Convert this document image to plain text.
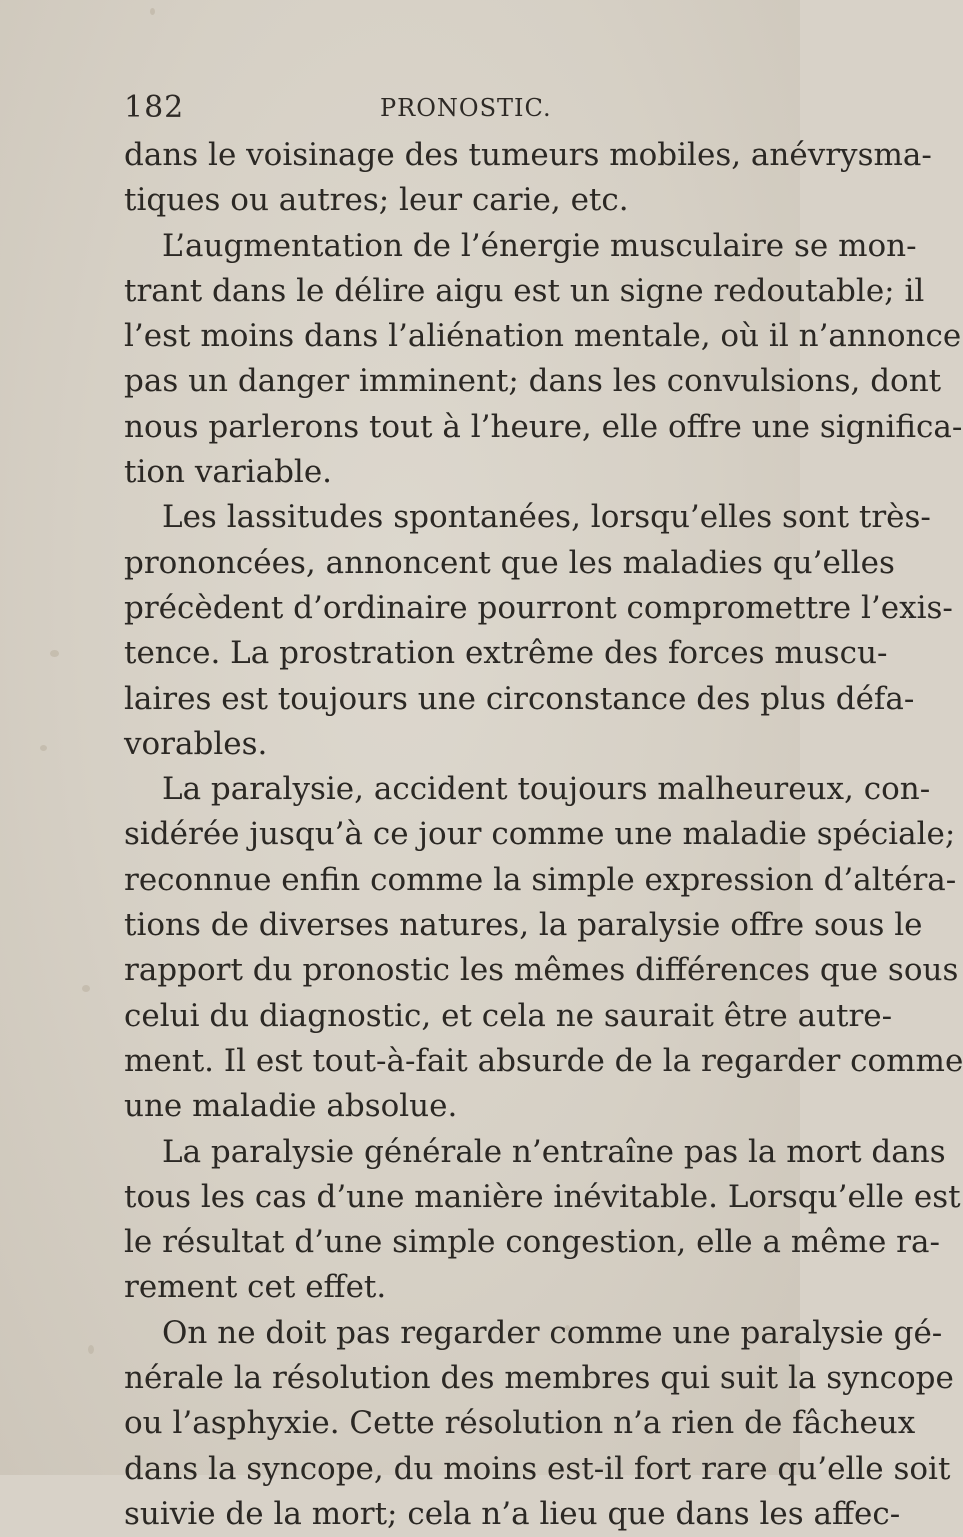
182	PRONOSTIC.
dans le voisinage des tumeurs mobiles, anévrysma-
tiques ou autres; leur carie, etc.
L’augmentation de l’énergie musculaire se mon-
trant dans le délire aigu est un signe redoutable; il
l’est moins dans l’aliénation mentale, où il n’annonce
pas un danger imminent; dans les convulsions, dont
nous parlerons tout à l’heure, elle offre une significa-
tion variable.
Les lassitudes spontanées, lorsqu’elles sont très-
prononcées, annoncent que les maladies qu’elles
précèdent d’ordinaire pourront compromettre l’exis-
tence. La prostration extrême des forces muscu-
laires est toujours une circonstance des plus défa-
vorables.
La paralysie, accident toujours malheureux, con-
sidérée jusqu’à ce jour comme une maladie spéciale;
reconnue enfin comme la simple expression d’altéra-
tions de diverses natures, la paralysie offre sous le
rapport du pronostic les mêmes différences que sous
celui du diagnostic, et cela ne saurait être autre-
ment. Il est tout-à-fait absurde de la regarder comme
une maladie absolue.
La paralysie générale n’entraîne pas la mort dans
tous les cas d’une manière inévitable. Lorsqu’elle est
le résultat d’une simple congestion, elle a même ra-
rement cet effet.
On ne doit pas regarder comme une paralysie gé-
nérale la résolution des membres qui suit la syncope
ou l’asphyxie. Cette résolution n’a rien de fâcheux
dans la syncope, du moins est-il fort rare qu’elle soit
suivie de la mort; cela n’a lieu que dans les affec-
